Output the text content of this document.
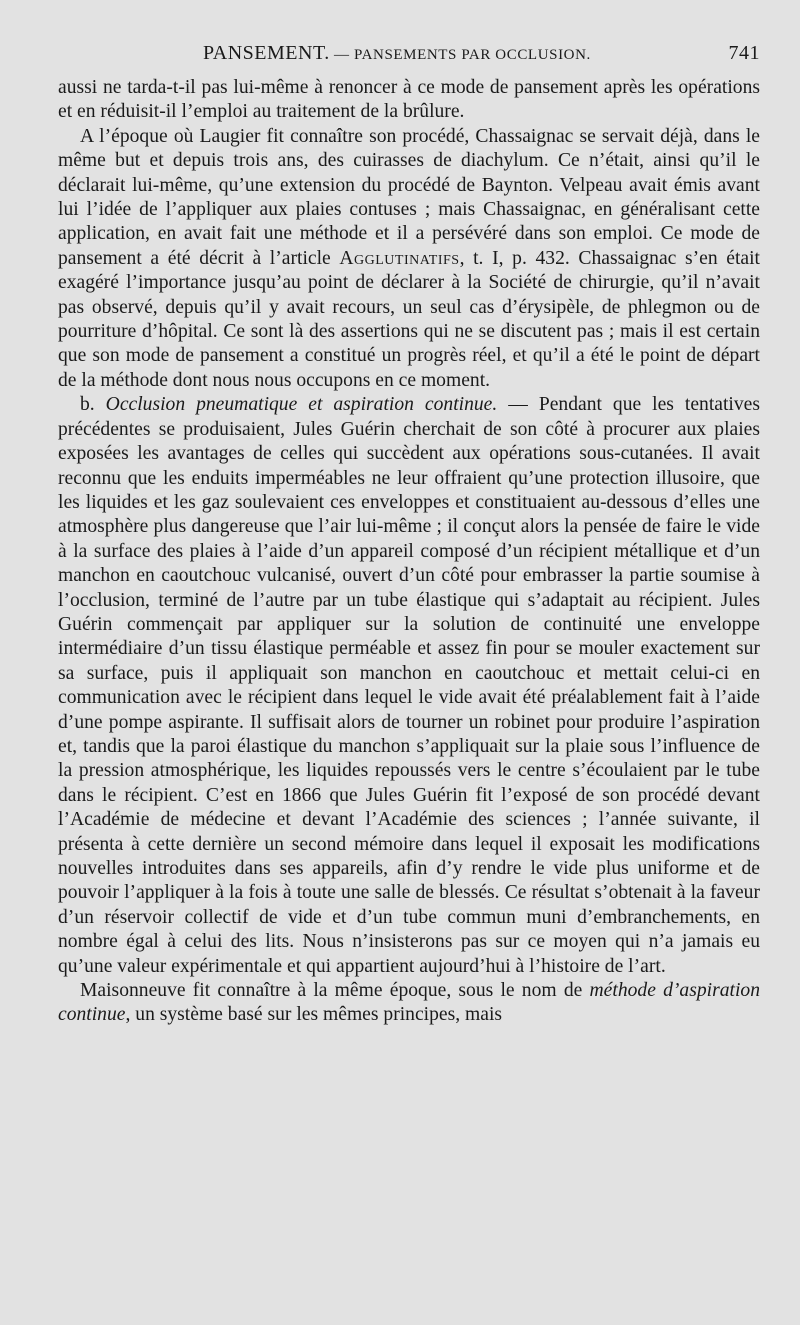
PANSEMENT. — PANSEMENTS PAR OCCLUSION.	741

aussi ne tarda-t-il pas lui-même à renoncer à ce mode de pansement après les opérations et en réduisit-il l’emploi au traitement de la brûlure.

A l’époque où Laugier fit connaître son procédé, Chassaignac se servait déjà, dans le même but et depuis trois ans, des cuirasses de diachylum. Ce n’était, ainsi qu’il le déclarait lui-même, qu’une extension du procédé de Baynton. Velpeau avait émis avant lui l’idée de l’appliquer aux plaies contuses ; mais Chassaignac, en généralisant cette application, en avait fait une méthode et il a persévéré dans son emploi. Ce mode de pansement a été décrit à l’article Agglutinatifs, t. I, p. 432. Chassaignac s’en était exagéré l’importance jusqu’au point de déclarer à la Société de chirurgie, qu’il n’avait pas observé, depuis qu’il y avait recours, un seul cas d’érysipèle, de phlegmon ou de pourriture d’hôpital. Ce sont là des assertions qui ne se discutent pas ; mais il est certain que son mode de pansement a constitué un progrès réel, et qu’il a été le point de départ de la méthode dont nous nous occupons en ce moment.

b. Occlusion pneumatique et aspiration continue. — Pendant que les tentatives précédentes se produisaient, Jules Guérin cherchait de son côté à procurer aux plaies exposées les avantages de celles qui succèdent aux opérations sous-cutanées. Il avait reconnu que les enduits imperméables ne leur offraient qu’une protection illusoire, que les liquides et les gaz soulevaient ces enveloppes et constituaient au-dessous d’elles une atmosphère plus dangereuse que l’air lui-même ; il conçut alors la pensée de faire le vide à la surface des plaies à l’aide d’un appareil composé d’un récipient métallique et d’un manchon en caoutchouc vulcanisé, ouvert d’un côté pour embrasser la partie soumise à l’occlusion, terminé de l’autre par un tube élastique qui s’adaptait au récipient. Jules Guérin commençait par appliquer sur la solution de continuité une enveloppe intermédiaire d’un tissu élastique perméable et assez fin pour se mouler exactement sur sa surface, puis il appliquait son manchon en caoutchouc et mettait celui-ci en communication avec le récipient dans lequel le vide avait été préalablement fait à l’aide d’une pompe aspirante. Il suffisait alors de tourner un robinet pour produire l’aspiration et, tandis que la paroi élastique du manchon s’appliquait sur la plaie sous l’influence de la pression atmosphérique, les liquides repoussés vers le centre s’écoulaient par le tube dans le récipient. C’est en 1866 que Jules Guérin fit l’exposé de son procédé devant l’Académie de médecine et devant l’Académie des sciences ; l’année suivante, il présenta à cette dernière un second mémoire dans lequel il exposait les modifications nouvelles introduites dans ses appareils, afin d’y rendre le vide plus uniforme et de pouvoir l’appliquer à la fois à toute une salle de blessés. Ce résultat s’obtenait à la faveur d’un réservoir collectif de vide et d’un tube commun muni d’embranchements, en nombre égal à celui des lits. Nous n’insisterons pas sur ce moyen qui n’a jamais eu qu’une valeur expérimentale et qui appartient aujourd’hui à l’histoire de l’art.

Maisonneuve fit connaître à la même époque, sous le nom de méthode d’aspiration continue, un système basé sur les mêmes principes, mais
